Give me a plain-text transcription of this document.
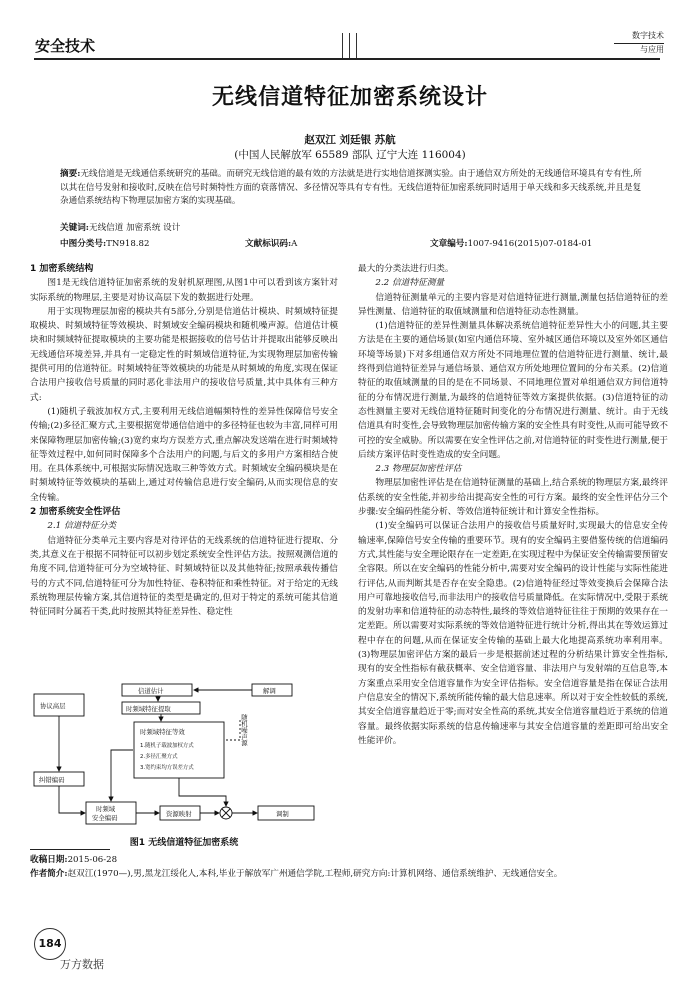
安全技术
数字技术
与应用
无线信道特征加密系统设计
赵双江 刘廷银 苏航
(中国人民解放军 65589 部队 辽宁大连 116004)
摘要:无线信道是无线通信系统研究的基础。而研究无线信道的最有效的方法就是进行实地信道探测实验。由于通信双方所处的无线通信环境具有专有性,所以其在信号发射和接收时,反映在信号时频特性方面的衰落情况、多径情况等具有专有性。无线信道特征加密系统同时适用于单天线和多天线系统,并且是复杂通信系统结构下物理层加密方案的实现基础。
关键词:无线信道 加密系统 设计
中图分类号:TN918.82	文献标识码:A	文章编号:1007-9416(2015)07-0184-01

1 加密系统结构

图1是无线信道特征加密系统的发射机原理图,从图1中可以看到该方案针对实际系统的物理层,主要是对协议高层下发的数据进行处理。

用于实现物理层加密的模块共有5部分,分别是信道估计模块、时频域特征提取模块、时频域特征等效模块、时频域安全编码模块和随机噪声源。信道估计模块和时频域特征提取模块的主要功能是根据接收的信号估计并提取出能够反映出无线通信环境差异,并具有一定稳定性的时频域信道特征,为实现物理层加密传输提供可用的信道特征。时频域特征等效模块的功能是从时频域的角度,实现在保证合法用户接收信号质量的同时恶化非法用户的接收信号质量,其中具体有三种方式:

(1)随机子载波加权方式,主要利用无线信道幅频特性的差异性保障信号安全传输;(2)多径汇聚方式,主要根据宽带通信信道中的多径特征也较为丰富,同样可用来保障物理层加密传输;(3)宽约束均方误差方式,重点解决发送端在进行时频域特征等效过程中,如何同时保障多个合法用户的问题,与后文的多用户方案相结合使用。在具体系统中,可根据实际情况选取三种等效方式。时频域安全编码模块是在时频域特征等效模块的基础上,通过对传输信息进行安全编码,从而实现信息的安全传输。

2 加密系统安全性评估

2.1 信道特征分类

信道特征分类单元主要内容是对待评估的无线系统的信道特征进行提取、分类,其意义在于根据不同特征可以初步划定系统安全性评估方法。按照观测信道的角度不同,信道特征可分为空域特征、时频域特征以及其他特征;按照承载传播信号的方式不同,信道特征可分为加性特征、卷积特征和乘性特征。对于给定的无线系统物理层传输方案,其信道特征的类型是确定的,但对于特定的系统可能其信道特征同时分属若干类,此时按照其特征差异性、稳定性

最大的分类法进行归类。

2.2 信道特征测量

信道特征测量单元的主要内容是对信道特征进行测量,测量包括信道特征的差异性测量、信道特征的取值域测量和信道特征动态性测量。

(1)信道特征的差异性测量具体解决系统信道特征差异性大小的问题,其主要方法是在主要的通信场景(如室内通信环境、室外城区通信环境以及室外郊区通信环境等场景)下对多组通信双方所处不同地理位置的信道特征进行测量、统计,最终得到信道特征差异与通信场景、通信双方所处地理位置间的分布关系。(2)信道特征的取值域测量的目的是在不同场景、不同地理位置对单组通信双方间信道特征的分布情况进行测量,为最终的信道特征等效方案提供依据。(3)信道特征的动态性测量主要对无线信道特征随时间变化的分布情况进行测量、统计。由于无线信道具有时变性,会导致物理层加密传输方案的安全性具有时变性,从而可能导致不可控的安全威胁。所以需要在安全性评估之前,对信道特征的时变性进行测量,便于后续方案评估时变性造成的安全问题。

2.3 物理层加密性评估

物理层加密性评估是在信道特征测量的基础上,结合系统的物理层方案,最终评估系统的安全性能,并初步给出提高安全性的可行方案。最终的安全性评估分三个步骤:安全编码性能分析、等效信道特征统计和计算安全性指标。

(1)安全编码可以保证合法用户的接收信号质量好时,实现最大的信息安全传输速率,保障信号安全传输的重要环节。现有的安全编码主要借鉴传统的信道编码方式,其性能与安全理论限存在一定差距,在实现过程中为保证安全传输需要预留安全容限。所以在安全编码的性能分析中,需要对安全编码的设计性能与实际性能进行评估,从而判断其是否存在安全隐患。(2)信道特征经过等效变换后会保障合法用户可靠地接收信号,而非法用户的接收信号质量降低。在实际情况中,受限于系统的发射功率和信道特征的动态特性,最终的等效信道特征往往于预期的效果存在一定差距。所以需要对实际系统的等效信道特征进行统计分析,得出其在等效运算过程中存在的问题,从而在保证安全传输的基础上最大化地提高系统功率利用率。(3)物理层加密评估方案的最后一步是根据前述过程的分析结果计算安全性指标,现有的安全性指标有截获概率、安全信道容量、非法用户与发射端的互信息等,本方案重点采用安全信道容量作为安全评估指标。安全信道容量是指在保证合法用户信息安全的情况下,系统所能传输的最大信息速率。所以对于安全性较低的系统,其安全信道容量趋近于零;而对安全性高的系统,其安全信道容量趋近于系统的信道容量。最终依据实际系统的信息传输速率与其安全信道容量的差距即可给出安全性能评价。

协议高层
信道估计
时频域特征提取
解调
时频域特征等效
1.随机子载波加权方式
2.多径汇聚方式
3.宽约束均方误差方式
纠错编码
时频域
安全编码	资源映射	调制
随机噪声源
图1 无线信道特征加密系统
收稿日期:2015-06-28
作者简介:赵双江(1970—),男,黑龙江绥化人,本科,毕业于解放军广州通信学院,工程师,研究方向:计算机网络、通信系统维护、无线通信安全。
184
万方数据
